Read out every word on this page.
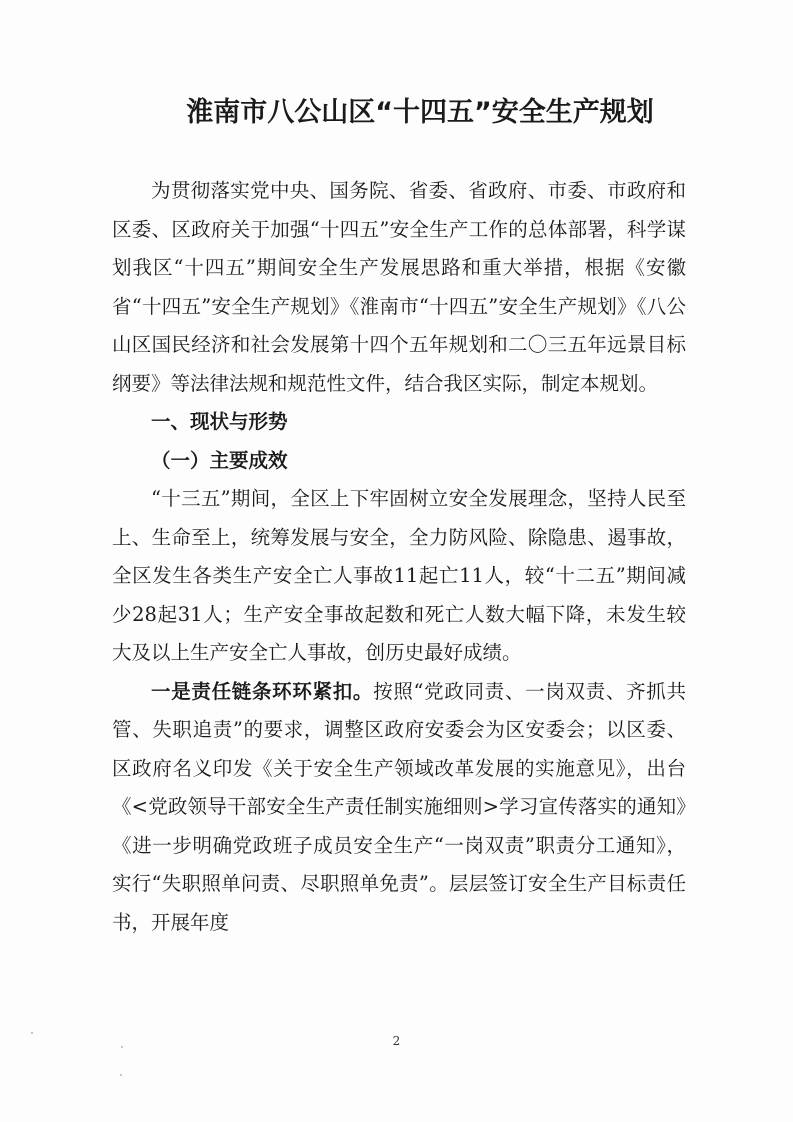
淮南市八公山区“十四五”安全生产规划

为贯彻落实党中央、国务院、省委、省政府、市委、市政府和区委、区政府关于加强“十四五”安全生产工作的总体部署，科学谋划我区“十四五”期间安全生产发展思路和重大举措，根据《安徽省“十四五”安全生产规划》《淮南市“十四五”安全生产规划》《八公山区国民经济和社会发展第十四个五年规划和二〇三五年远景目标纲要》等法律法规和规范性文件，结合我区实际，制定本规划。

一、现状与形势
（一）主要成效

“十三五”期间，全区上下牢固树立安全发展理念，坚持人民至上、生命至上，统筹发展与安全，全力防风险、除隐患、遏事故，全区发生各类生产安全亡人事故11起亡11人，较“十二五”期间减少28起31人；生产安全事故起数和死亡人数大幅下降，未发生较大及以上生产安全亡人事故，创历史最好成绩。

一是责任链条环环紧扣。按照“党政同责、一岗双责、齐抓共管、失职追责”的要求，调整区政府安委会为区安委会；以区委、区政府名义印发《关于安全生产领域改革发展的实施意见》，出台《<党政领导干部安全生产责任制实施细则>学习宣传落实的通知》《进一步明确党政班子成员安全生产“一岗双责”职责分工通知》，实行“失职照单问责、尽职照单免责”。层层签订安全生产目标责任书，开展年度

2
